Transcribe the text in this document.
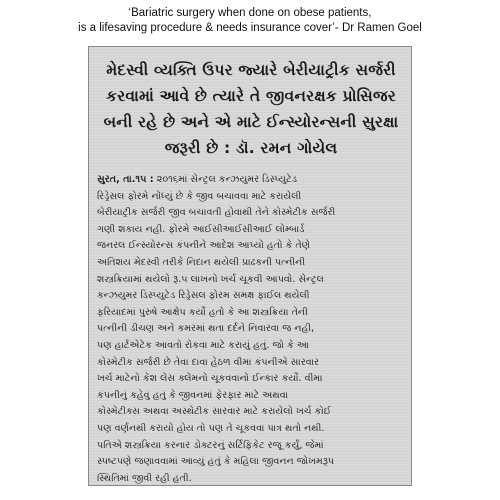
‘Bariatric surgery when done on obese patients,
is a lifesaving procedure & needs insurance cover’- Dr Ramen Goel
મેદસ્વી વ્યક્તિ ઉપર જ્યારે બેરીયાટ્રીક સર્જરી
કરવામાં આવે છે ત્યારે તે જીવનરક્ષક પ્રોસિજર
બની રહે છે અને એ માટે ઈન્સ્યોરન્સની સુરક્ષા
જરૂરી છે : ડૉ. રમન ગોયેલ
સુરત, તા.૧૫ : ૨૦૧૬માં સેન્ટ્રલ કન્ઝયુમર ડિસ્પ્યુટેડ
રિડ્રેસલ ફોરમે નોંધ્યું છે કે જીવ બચાવવા માટે કરાયેલી
બેરીયાટ્રીક સર્જરી જીવ બચાવતી હોવાથી તેને કોસ્મેટીક સર્જરી
ગણી શકાય નહી. ફોરમે આઈસીઆઈસીઆઈ લોમ્બાર્ડ
જનરલ ઈન્સ્યોરન્સ કંપનીને આદેશ આપ્યો હતો કે તેણે
અતિશય મેદસ્વી તરીકે નિદાન થયેલી પ્રાઢકની પત્નીની
શસ્ત્રક્રિયામાં થયેલો રૂ.૫ લાખનો ખર્ચ ચૂકવી આપવો. સેન્ટ્રલ
કન્ઝયુમર ડિસ્પ્યુટેડ રિડ્રેસલ ફોરમ સમક્ષ ફાઈલ થયેલી
ફરિયાદમાં પુરુષે આક્ષેપ કર્યો હતો કે આ શસ્ત્રક્રિયા તેની
પત્નીની ડીચણ અને કમરમાં થતા દર્દને નિવારવા જ નહી,
પણ હાર્ટએટેક આવતો રોકવા માટે કરાયું હતું. જો કે આ
કોસ્મેટીક સર્જરી છે તેવા દાવા હેઠળ વીમા કંપનીએ સારવાર
ખર્ચ માટેનો કેશ લેસ ક્લેમનો ચૂકવવાનો ઈન્કાર કર્યો. વીમા
કંપનીનું કહેવું હતું કે જીવનમાં ફેરફાર માટે અથવા
કોસ્મેટીક્સ અથવા અસ્થેટીક સારવાર માટે કરાયેલો ખર્ચ કોઈ
પણ વર્ણનથી કરાયો હોય તો પણ તે ચૂકવવા પાત્ર થતો નથી.
પતિએ શસ્ત્રક્રિયા કરનાર ડોક્ટરનું સર્ટિફિકેટ રજૂ કર્યું, જેમાં
સ્પષ્ટપણે જણાવવામાં આવ્યું હતું કે મહિલા જીવનન જોખમરૂપ
સ્થિતિમાં જીવી રહી હતી.
